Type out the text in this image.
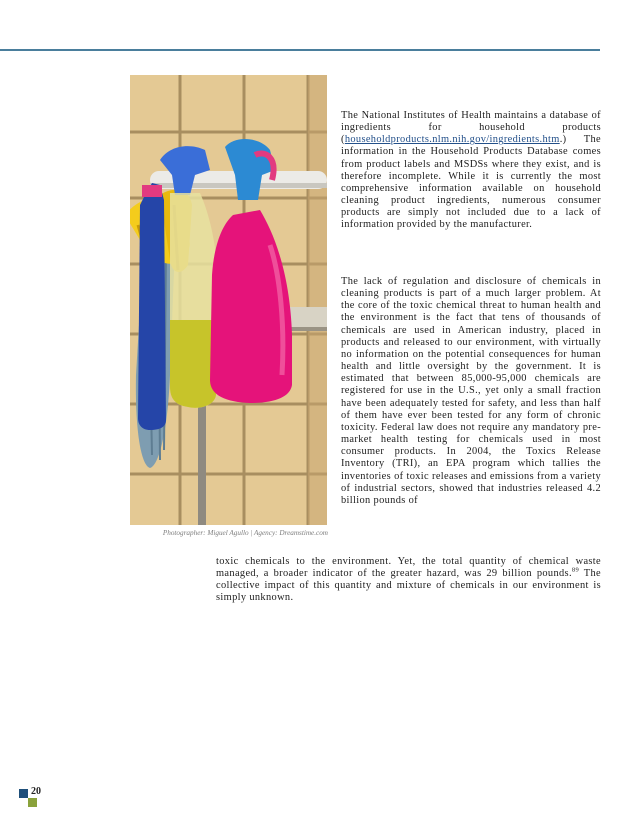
Photographer: Miguel Agullo | Agency: Dreamstime.com

The National Institutes of Health maintains a database of ingredients for household products (householdproducts.nlm.nih.gov/ingredients.htm.) The information in the Household Products Database comes from product labels and MSDSs where they exist, and is therefore incomplete. While it is currently the most comprehensive information available on household cleaning product ingredients, numerous consumer products are simply not included due to a lack of information provided by the manufacturer.

The lack of regulation and disclosure of chemicals in cleaning products is part of a much larger problem. At the core of the toxic chemical threat to human health and the environment is the fact that tens of thousands of chemicals are used in American industry, placed in products and released to our environment, with virtually no information on the potential consequences for human health and little oversight by the government. It is estimated that between 85,000-95,000 chemicals are registered for use in the U.S., yet only a small fraction have been adequately tested for safety, and less than half of them have ever been tested for any form of chronic toxicity. Federal law does not require any mandatory pre-market health testing for chemicals used in most consumer products. In 2004, the Toxics Release Inventory (TRI), an EPA program which tallies the inventories of toxic releases and emissions from a variety of industrial sectors, showed that industries released 4.2 billion pounds of

toxic chemicals to the environment. Yet, the total quantity of chemical waste managed, a broader indicator of the greater hazard, was 29 billion pounds.$^{89}$ The collective impact of this quantity and mixture of chemicals in our environment is simply unknown.

20
